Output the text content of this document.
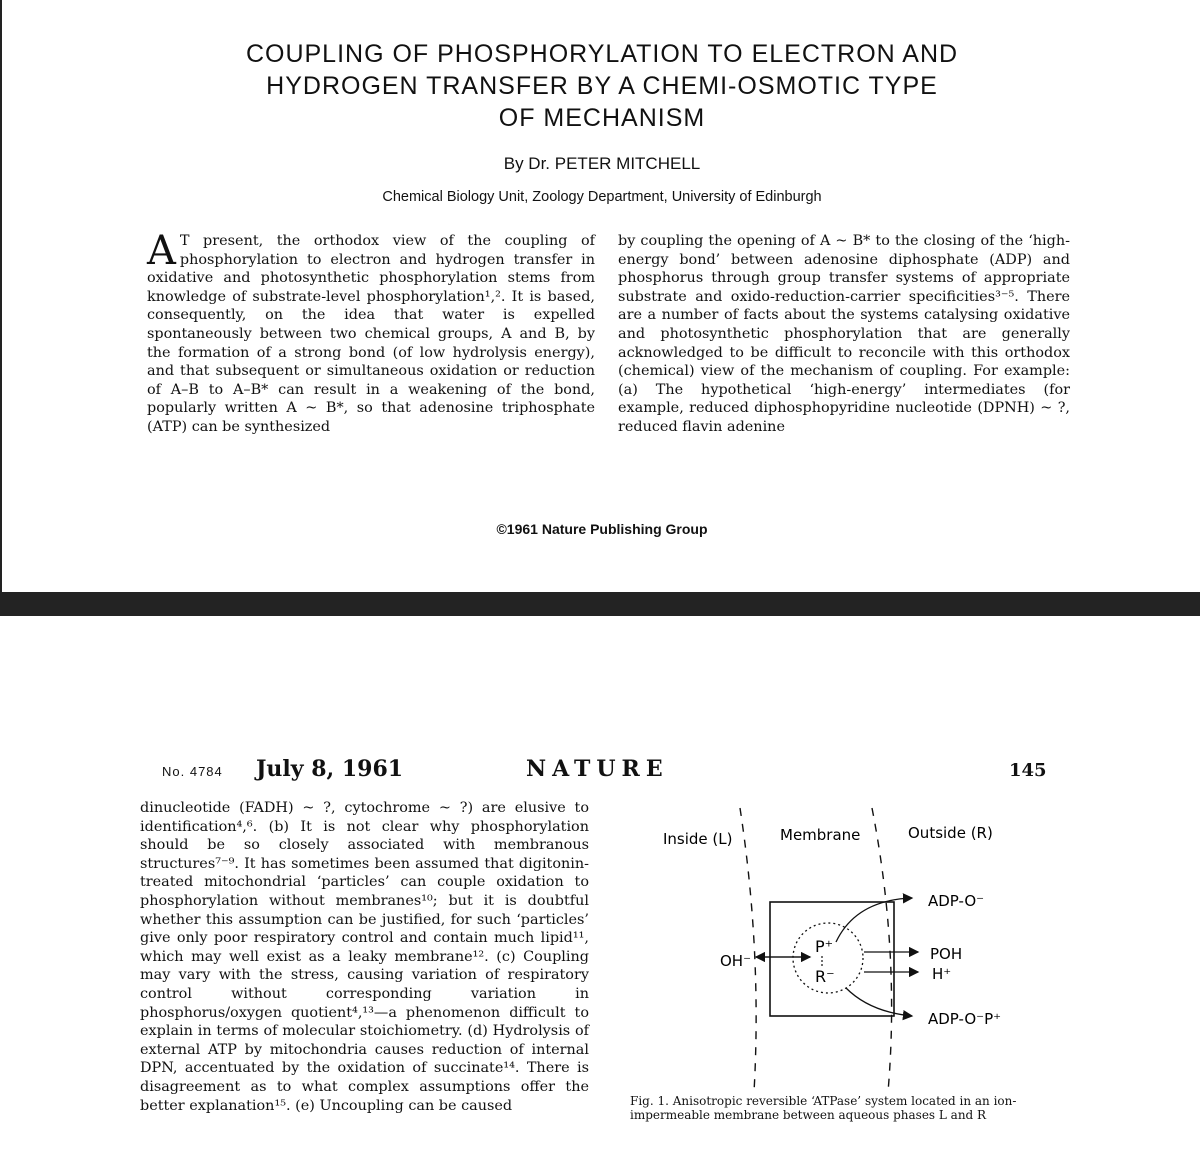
COUPLING OF PHOSPHORYLATION TO ELECTRON AND
HYDROGEN TRANSFER BY A CHEMI-OSMOTIC TYPE
OF MECHANISM
By Dr. PETER MITCHELL
Chemical Biology Unit, Zoology Department, University of Edinburgh
A T present, the orthodox view of the coupling of phosphorylation to electron and hydrogen transfer in oxidative and photosynthetic phosphorylation stems from knowledge of substrate-level phosphorylation¹,². It is based, consequently, on the idea that water is expelled spontaneously between two chemical groups, A and B, by the formation of a strong bond (of low hydrolysis energy), and that subsequent or simultaneous oxidation or reduction of A–B to A–B* can result in a weakening of the bond, popularly written A ~ B*, so that adenosine triphosphate (ATP) can be synthesized
by coupling the opening of A ~ B* to the closing of the ‘high-energy bond’ between adenosine diphosphate (ADP) and phosphorus through group transfer systems of appropriate substrate and oxido-reduction-carrier specificities³⁻⁵. There are a number of facts about the systems catalysing oxidative and photosynthetic phosphorylation that are generally acknowledged to be difficult to reconcile with this orthodox (chemical) view of the mechanism of coupling. For example: (a) The hypothetical ‘high-energy’ intermediates (for example, reduced diphosphopyridine nucleotide (DPNH) ~ ?, reduced flavin adenine
©1961 Nature Publishing Group
No. 4784 July 8, 1961	NATURE	145
dinucleotide (FADH) ~ ?, cytochrome ~ ?) are elusive to identification⁴,⁶. (b) It is not clear why phosphorylation should be so closely associated with membranous structures⁷⁻⁹. It has sometimes been assumed that digitonin-treated mitochondrial ‘particles’ can couple oxidation to phosphorylation without membranes¹⁰; but it is doubtful whether this assumption can be justified, for such ‘particles’ give only poor respiratory control and contain much lipid¹¹, which may well exist as a leaky membrane¹². (c) Coupling may vary with the stress, causing variation of respiratory control without corresponding variation in phosphorus/oxygen quotient⁴,¹³—a phenomenon difficult to explain in terms of molecular stoichiometry. (d) Hydrolysis of external ATP by mitochondria causes reduction of internal DPN, accentuated by the oxidation of succinate¹⁴. There is disagreement as to what complex assumptions offer the better explanation¹⁵. (e) Uncoupling can be caused
Inside (L)	Membrane	Outside (R)
P⁺
R⁻
OH⁻
ADP-O⁻
POH
H⁺
ADP-O⁻P⁺
Fig. 1. Anisotropic reversible ‘ATPase’ system located in an ion-impermeable membrane between aqueous phases L and R
